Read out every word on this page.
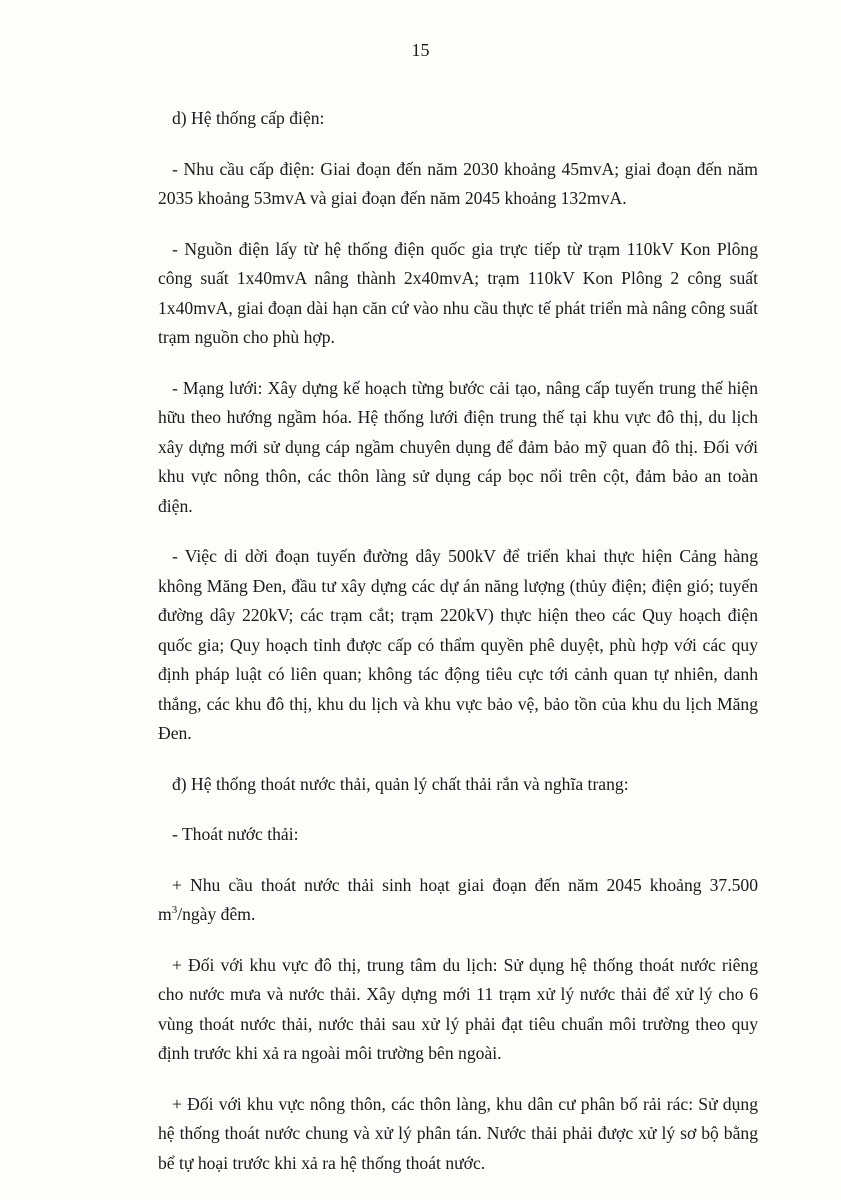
15

d) Hệ thống cấp điện:

- Nhu cầu cấp điện: Giai đoạn đến năm 2030 khoảng 45mvA; giai đoạn đến năm 2035 khoảng 53mvA và giai đoạn đến năm 2045 khoảng 132mvA.

- Nguồn điện lấy từ hệ thống điện quốc gia trực tiếp từ trạm 110kV Kon Plông công suất 1x40mvA nâng thành 2x40mvA; trạm 110kV Kon Plông 2 công suất 1x40mvA, giai đoạn dài hạn căn cứ vào nhu cầu thực tế phát triển mà nâng công suất trạm nguồn cho phù hợp.

- Mạng lưới: Xây dựng kế hoạch từng bước cải tạo, nâng cấp tuyến trung thế hiện hữu theo hướng ngầm hóa. Hệ thống lưới điện trung thế tại khu vực đô thị, du lịch xây dựng mới sử dụng cáp ngầm chuyên dụng để đảm bảo mỹ quan đô thị. Đối với khu vực nông thôn, các thôn làng sử dụng cáp bọc nổi trên cột, đảm bảo an toàn điện.

- Việc di dời đoạn tuyến đường dây 500kV để triển khai thực hiện Cảng hàng không Măng Đen, đầu tư xây dựng các dự án năng lượng (thủy điện; điện gió; tuyến đường dây 220kV; các trạm cắt; trạm 220kV) thực hiện theo các Quy hoạch điện quốc gia; Quy hoạch tỉnh được cấp có thẩm quyền phê duyệt, phù hợp với các quy định pháp luật có liên quan; không tác động tiêu cực tới cảnh quan tự nhiên, danh thắng, các khu đô thị, khu du lịch và khu vực bảo vệ, bảo tồn của khu du lịch Măng Đen.

đ) Hệ thống thoát nước thải, quản lý chất thải rắn và nghĩa trang:

- Thoát nước thải:

+ Nhu cầu thoát nước thải sinh hoạt giai đoạn đến năm 2045 khoảng 37.500 $m^3$/ngày đêm.

+ Đối với khu vực đô thị, trung tâm du lịch: Sử dụng hệ thống thoát nước riêng cho nước mưa và nước thải. Xây dựng mới 11 trạm xử lý nước thải để xử lý cho 6 vùng thoát nước thải, nước thải sau xử lý phải đạt tiêu chuẩn môi trường theo quy định trước khi xả ra ngoài môi trường bên ngoài.

+ Đối với khu vực nông thôn, các thôn làng, khu dân cư phân bố rải rác: Sử dụng hệ thống thoát nước chung và xử lý phân tán. Nước thải phải được xử lý sơ bộ bằng bể tự hoại trước khi xả ra hệ thống thoát nước.
